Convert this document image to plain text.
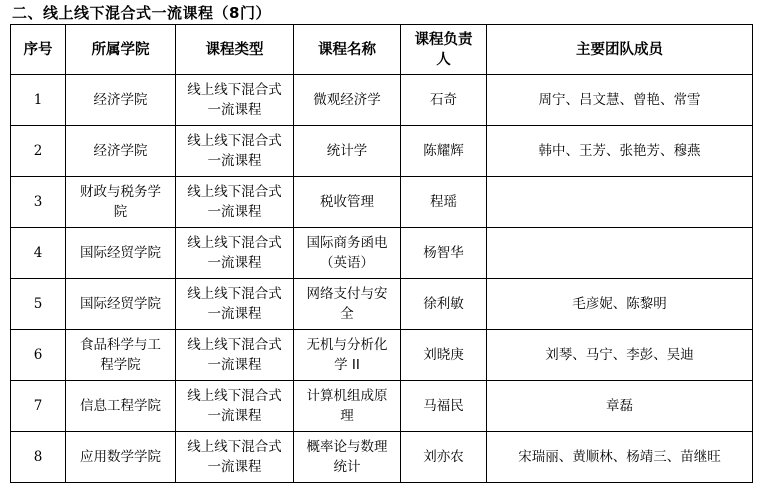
二、线上线下混合式一流课程（8门）
序号	所属学院	课程类型	课程名称	课程负责人	主要团队成员
1	经济学院	线上线下混合式一流课程	微观经济学	石奇	周宁、吕文慧、曾艳、常雪
2	经济学院	线上线下混合式一流课程	统计学	陈耀辉	韩中、王芳、张艳芳、穆燕
3	财政与税务学院	线上线下混合式一流课程	税收管理	程瑶	
4	国际经贸学院	线上线下混合式一流课程	国际商务函电（英语）	杨智华	
5	国际经贸学院	线上线下混合式一流课程	网络支付与安全	徐利敏	毛彦妮、陈黎明
6	食品科学与工程学院	线上线下混合式一流课程	无机与分析化学 II	刘晓庚	刘琴、马宁、李彭、吴迪
7	信息工程学院	线上线下混合式一流课程	计算机组成原理	马福民	章磊
8	应用数学学院	线上线下混合式一流课程	概率论与数理统计	刘亦农	宋瑞丽、黄顺林、杨靖三、苗继旺
